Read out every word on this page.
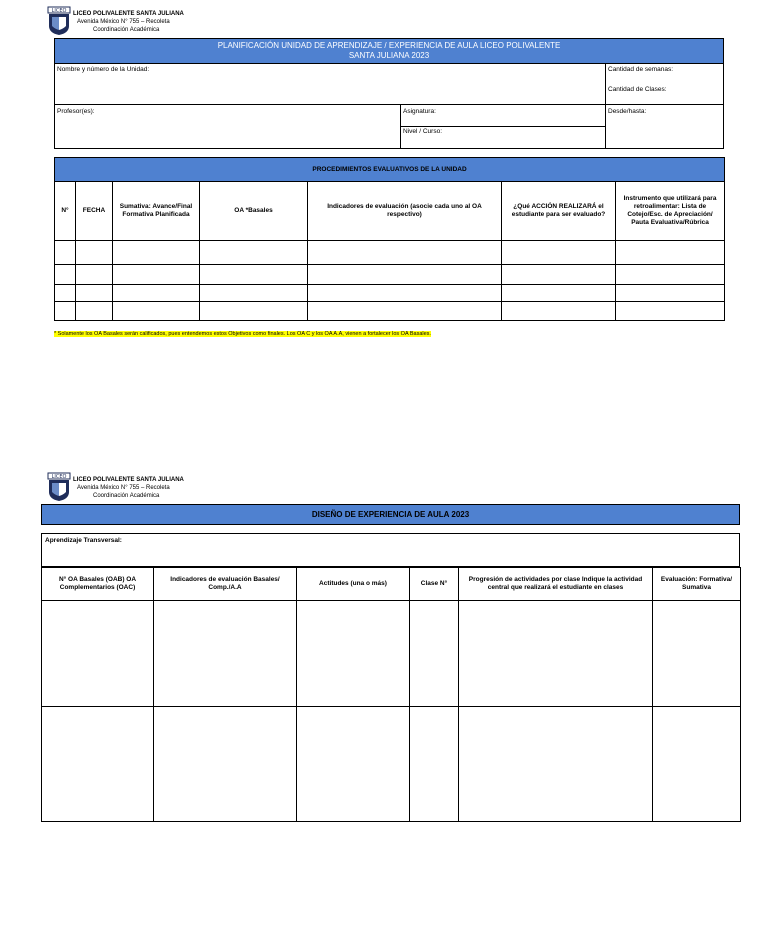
LICEO LICEO POLIVALENTE SANTA JULIANA
Avenida México N° 755 – Recoleta
Coordinación Académica
PLANIFICACIÓN UNIDAD DE APRENDIZAJE / EXPERIENCIA DE AULA LICEO POLIVALENTE
SANTA JULIANA 2023
Nombre y número de la Unidad:	Cantidad de semanas:
Cantidad de Clases:
Profesor(es):	Asignatura:
Nivel / Curso:
Desde/hasta:
PROCEDIMIENTOS EVALUATIVOS DE LA UNIDAD						
N°	FECHA	Sumativa: Avance/Final Formativa Planificada	OA *Basales	Indicadores de evaluación (asocie cada uno al OA respectivo)	¿Qué ACCIÓN REALIZARÁ el estudiante para ser evaluado?	Instrumento que utilizará para retroalimentar: Lista de Cotejo/Esc. de Apreciación/ Pauta Evaluativa/Rúbrica

* Solamente los OA Basales serán calificados, pues entendemos estos Objetivos como finales. Los OA C y los OA A.A, vienen a fortalecer los OA Basales.
LICEO LICEO POLIVALENTE SANTA JULIANA
Avenida México N° 755 – Recoleta
Coordinación Académica
DISEÑO DE EXPERIENCIA DE AULA 2023
Aprendizaje Transversal:
N° OA Basales (OAB) OA Complementarios (OAC)	Indicadores de evaluación Basales/ Comp./A.A	Actitudes (una o más)	Clase N°	Progresión de actividades por clase Indique la actividad central que realizará el estudiante en clases	Evaluación: Formativa/ Sumativa
